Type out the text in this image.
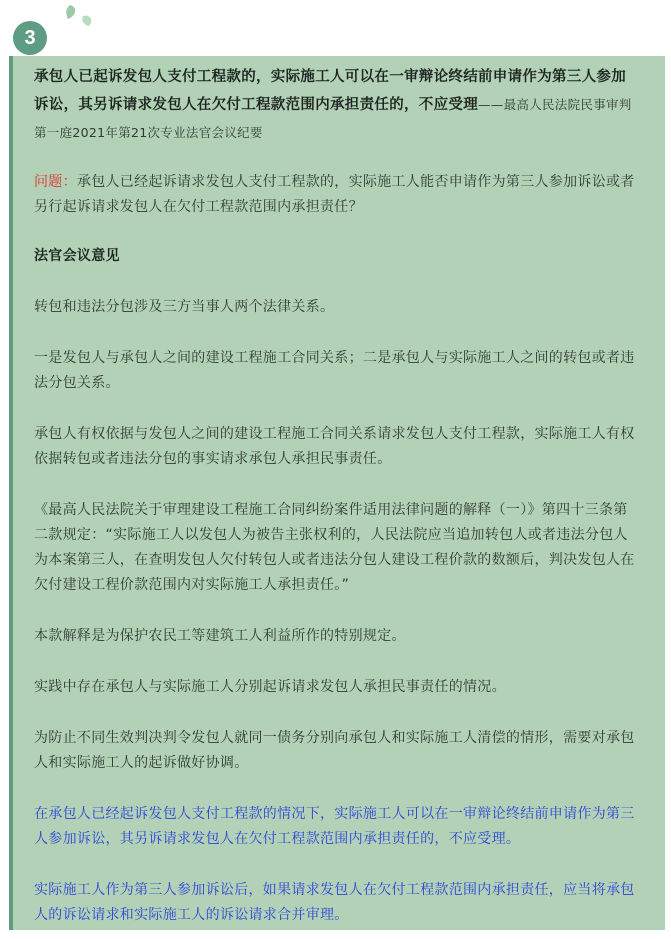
3

承包人已起诉发包人支付工程款的，实际施工人可以在一审辩论终结前申请作为第三人参加诉讼，其另诉请求发包人在欠付工程款范围内承担责任的，不应受理——最高人民法院民事审判第一庭2021年第21次专业法官会议纪要

问题：承包人已经起诉请求发包人支付工程款的，实际施工人能否申请作为第三人参加诉讼或者另行起诉请求发包人在欠付工程款范围内承担责任？

法官会议意见

转包和违法分包涉及三方当事人两个法律关系。

一是发包人与承包人之间的建设工程施工合同关系；二是承包人与实际施工人之间的转包或者违法分包关系。

承包人有权依据与发包人之间的建设工程施工合同关系请求发包人支付工程款，实际施工人有权依据转包或者违法分包的事实请求承包人承担民事责任。

《最高人民法院关于审理建设工程施工合同纠纷案件适用法律问题的解释（一）》第四十三条第二款规定：“实际施工人以发包人为被告主张权利的，人民法院应当追加转包人或者违法分包人为本案第三人，在查明发包人欠付转包人或者违法分包人建设工程价款的数额后，判决发包人在欠付建设工程价款范围内对实际施工人承担责任。”

本款解释是为保护农民工等建筑工人利益所作的特别规定。

实践中存在承包人与实际施工人分别起诉请求发包人承担民事责任的情况。

为防止不同生效判决判令发包人就同一债务分别向承包人和实际施工人清偿的情形，需要对承包人和实际施工人的起诉做好协调。

在承包人已经起诉发包人支付工程款的情况下，实际施工人可以在一审辩论终结前申请作为第三人参加诉讼，其另诉请求发包人在欠付工程款范围内承担责任的，不应受理。

实际施工人作为第三人参加诉讼后，如果请求发包人在欠付工程款范围内承担责任，应当将承包人的诉讼请求和实际施工人的诉讼请求合并审理。
